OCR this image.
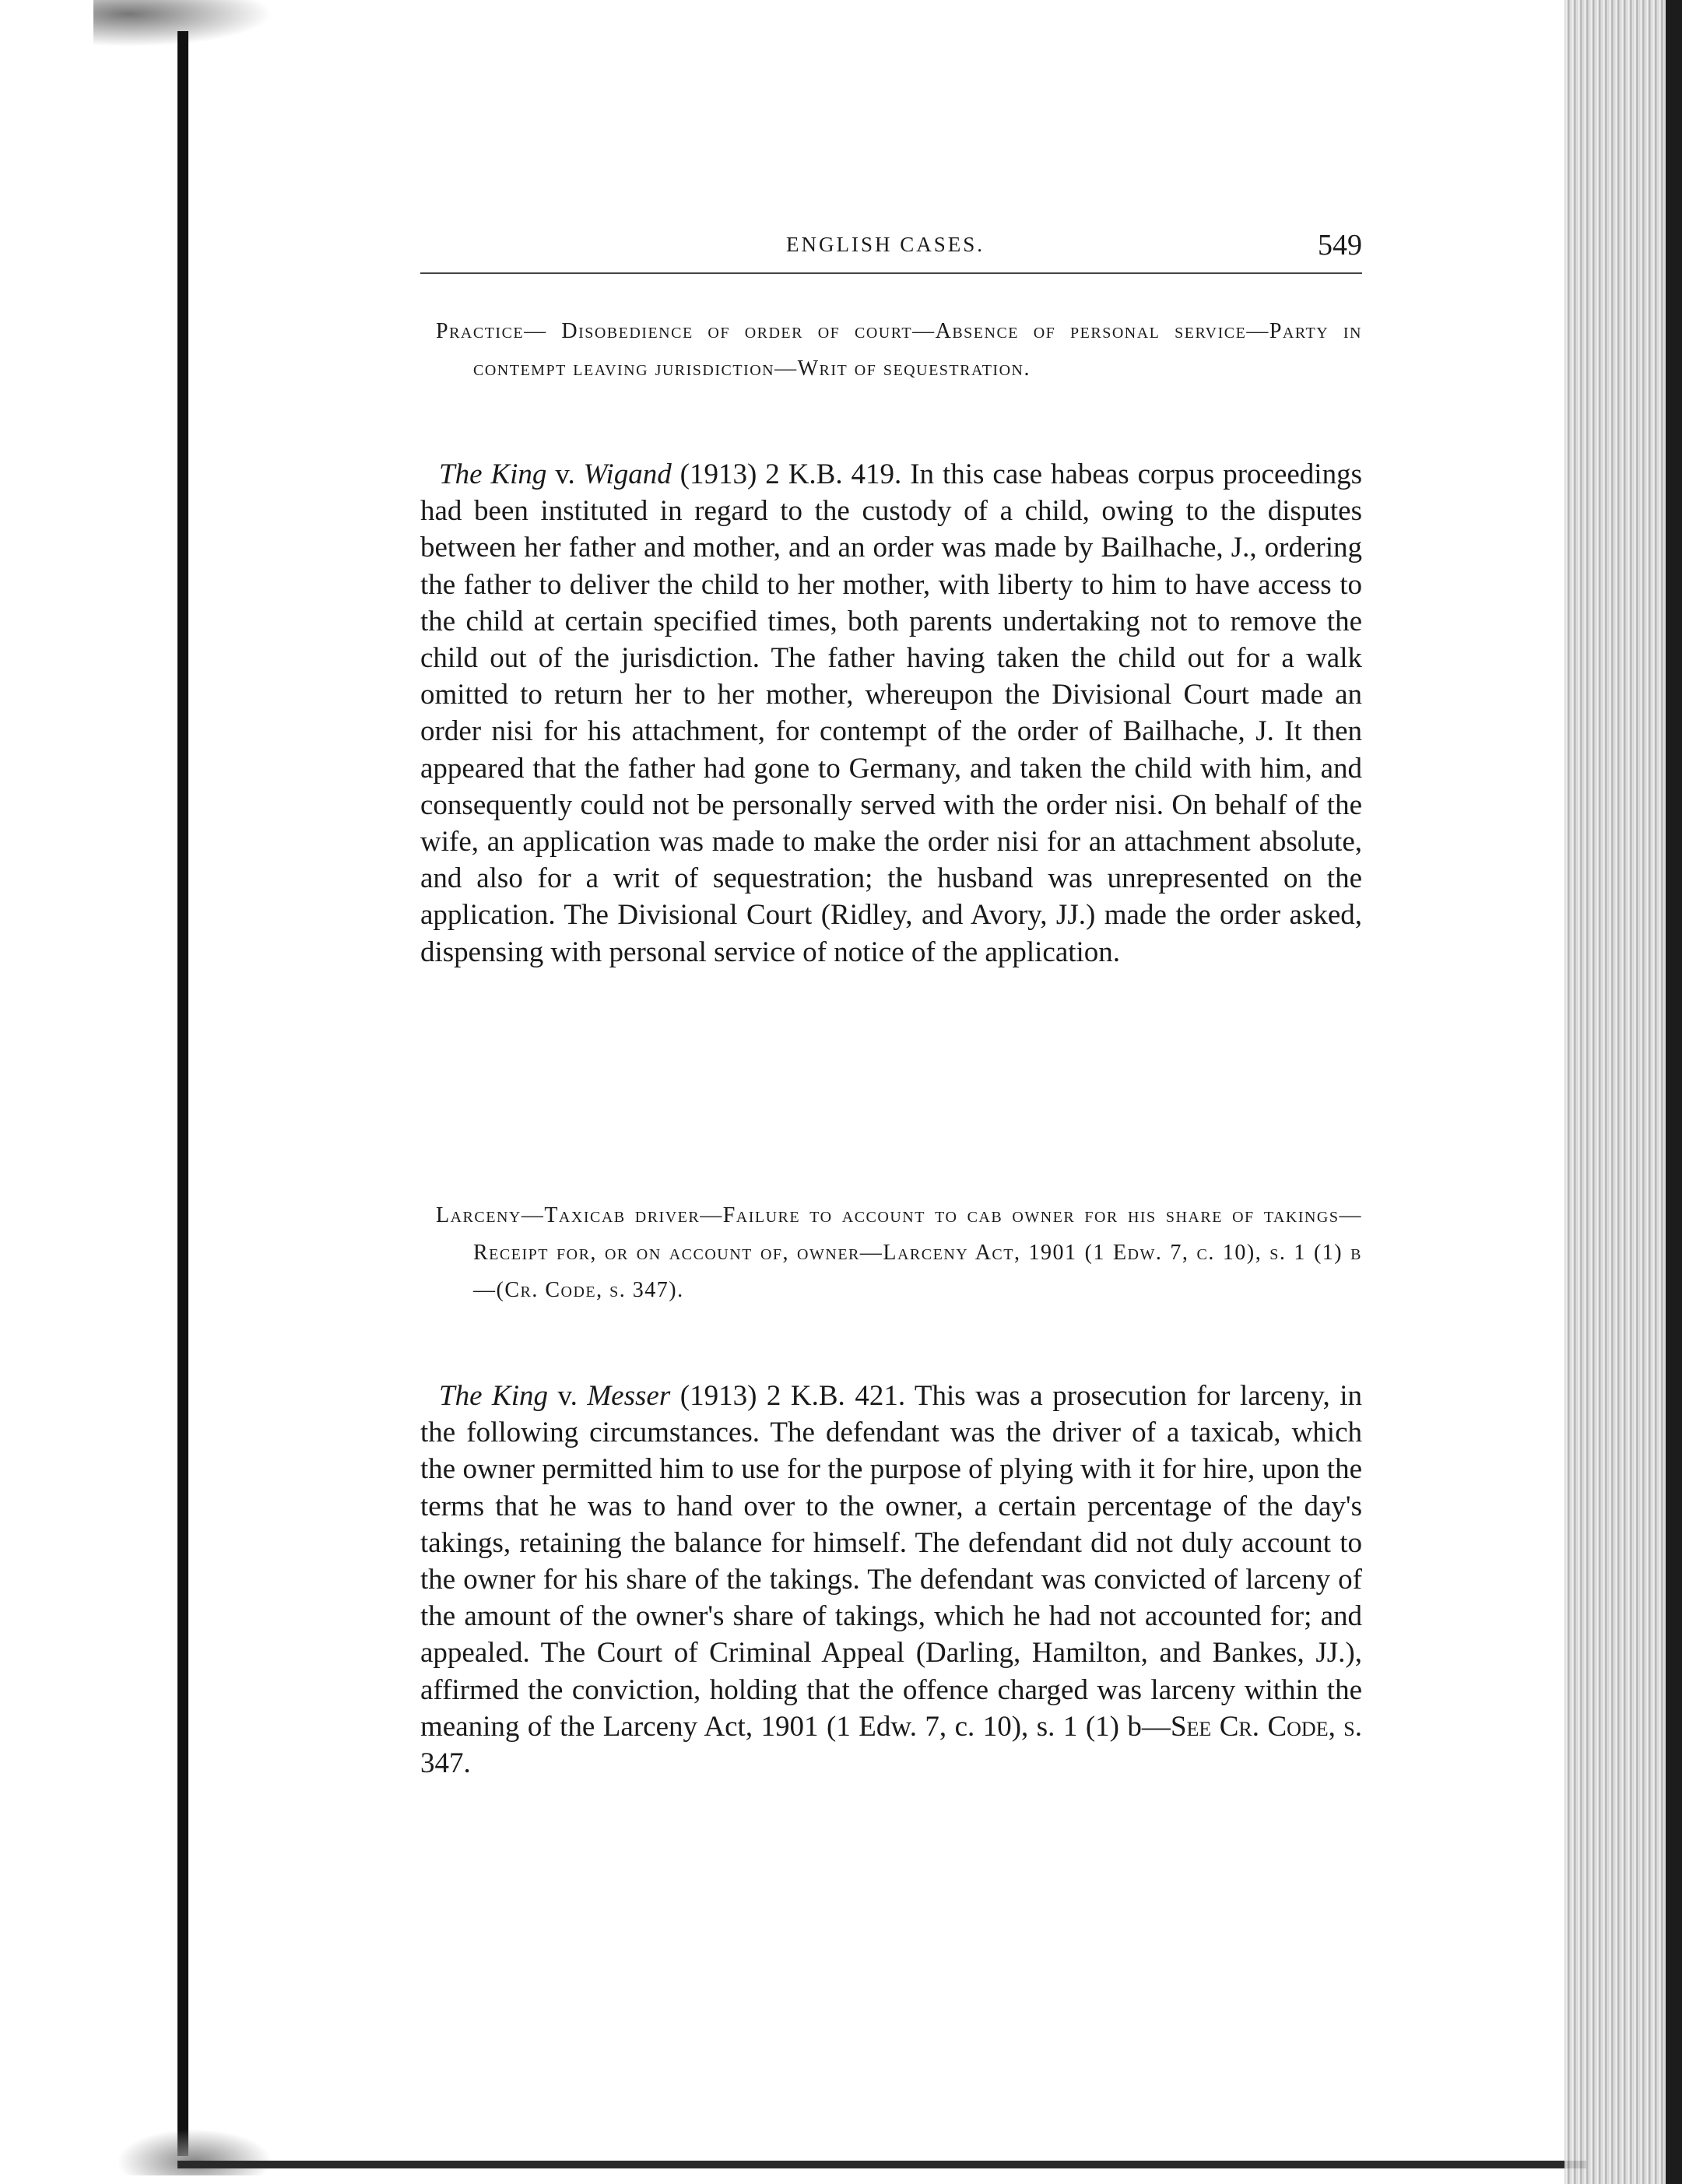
ENGLISH CASES.	549
Practice— Disobedience of order of court—Absence of personal service—Party in contempt leaving jurisdiction—Writ of sequestration.
The King v. Wigand (1913) 2 K.B. 419. In this case habeas corpus proceedings had been instituted in regard to the custody of a child, owing to the disputes between her father and mother, and an order was made by Bailhache, J., ordering the father to deliver the child to her mother, with liberty to him to have access to the child at certain specified times, both parents undertaking not to remove the child out of the jurisdiction. The father having taken the child out for a walk omitted to return her to her mother, whereupon the Divisional Court made an order nisi for his attachment, for contempt of the order of Bailhache, J. It then appeared that the father had gone to Germany, and taken the child with him, and consequently could not be personally served with the order nisi. On behalf of the wife, an application was made to make the order nisi for an attachment absolute, and also for a writ of sequestration; the husband was unrepresented on the application. The Divisional Court (Ridley, and Avory, JJ.) made the order asked, dispensing with personal service of notice of the application.
Larceny—Taxicab driver—Failure to account to cab owner for his share of takings—Receipt for, or on account of, owner—Larceny Act, 1901 (1 Edw. 7, c. 10), s. 1 (1) b—(Cr. Code, s. 347).
The King v. Messer (1913) 2 K.B. 421. This was a prosecution for larceny, in the following circumstances. The defendant was the driver of a taxicab, which the owner permitted him to use for the purpose of plying with it for hire, upon the terms that he was to hand over to the owner, a certain percentage of the day's takings, retaining the balance for himself. The defendant did not duly account to the owner for his share of the takings. The defendant was convicted of larceny of the amount of the owner's share of takings, which he had not accounted for; and appealed. The Court of Criminal Appeal (Darling, Hamilton, and Bankes, JJ.), affirmed the conviction, holding that the offence charged was larceny within the meaning of the Larceny Act, 1901 (1 Edw. 7, c. 10), s. 1 (1) b—See Cr. Code, s. 347.
